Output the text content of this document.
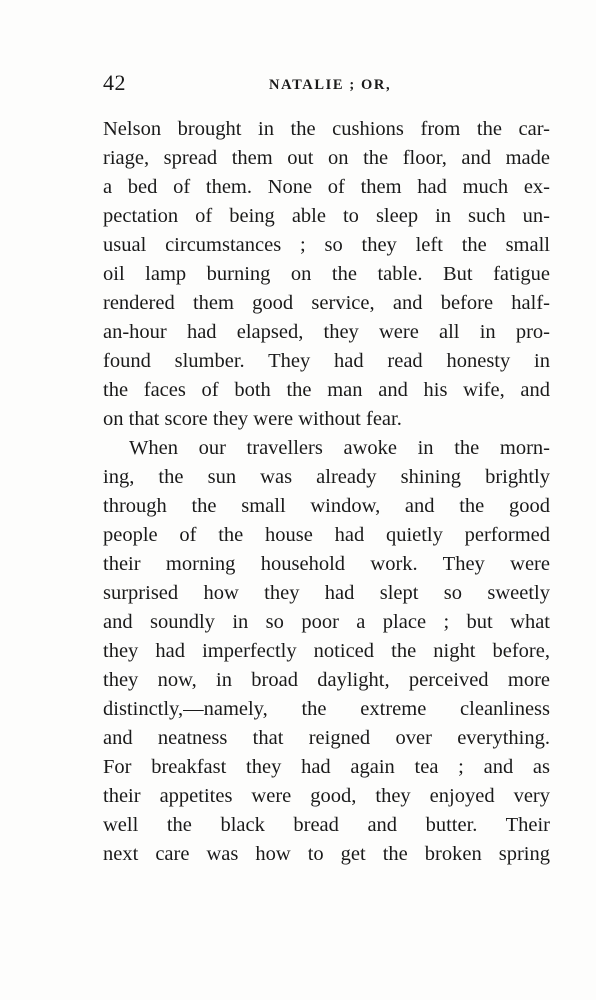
42	NATALIE ; OR,
Nelson brought in the cushions from the car-
riage, spread them out on the floor, and made
a bed of them. None of them had much ex-
pectation of being able to sleep in such un-
usual circumstances ; so they left the small
oil lamp burning on the table. But fatigue
rendered them good service, and before half-
an-hour had elapsed, they were all in pro-
found slumber. They had read honesty in
the faces of both the man and his wife, and
on that score they were without fear.
When our travellers awoke in the morn-
ing, the sun was already shining brightly
through the small window, and the good
people of the house had quietly performed
their morning household work. They were
surprised how they had slept so sweetly
and soundly in so poor a place ; but what
they had imperfectly noticed the night before,
they now, in broad daylight, perceived more
distinctly,—namely, the extreme cleanliness
and neatness that reigned over everything.
For breakfast they had again tea ; and as
their appetites were good, they enjoyed very
well the black bread and butter. Their
next care was how to get the broken spring
